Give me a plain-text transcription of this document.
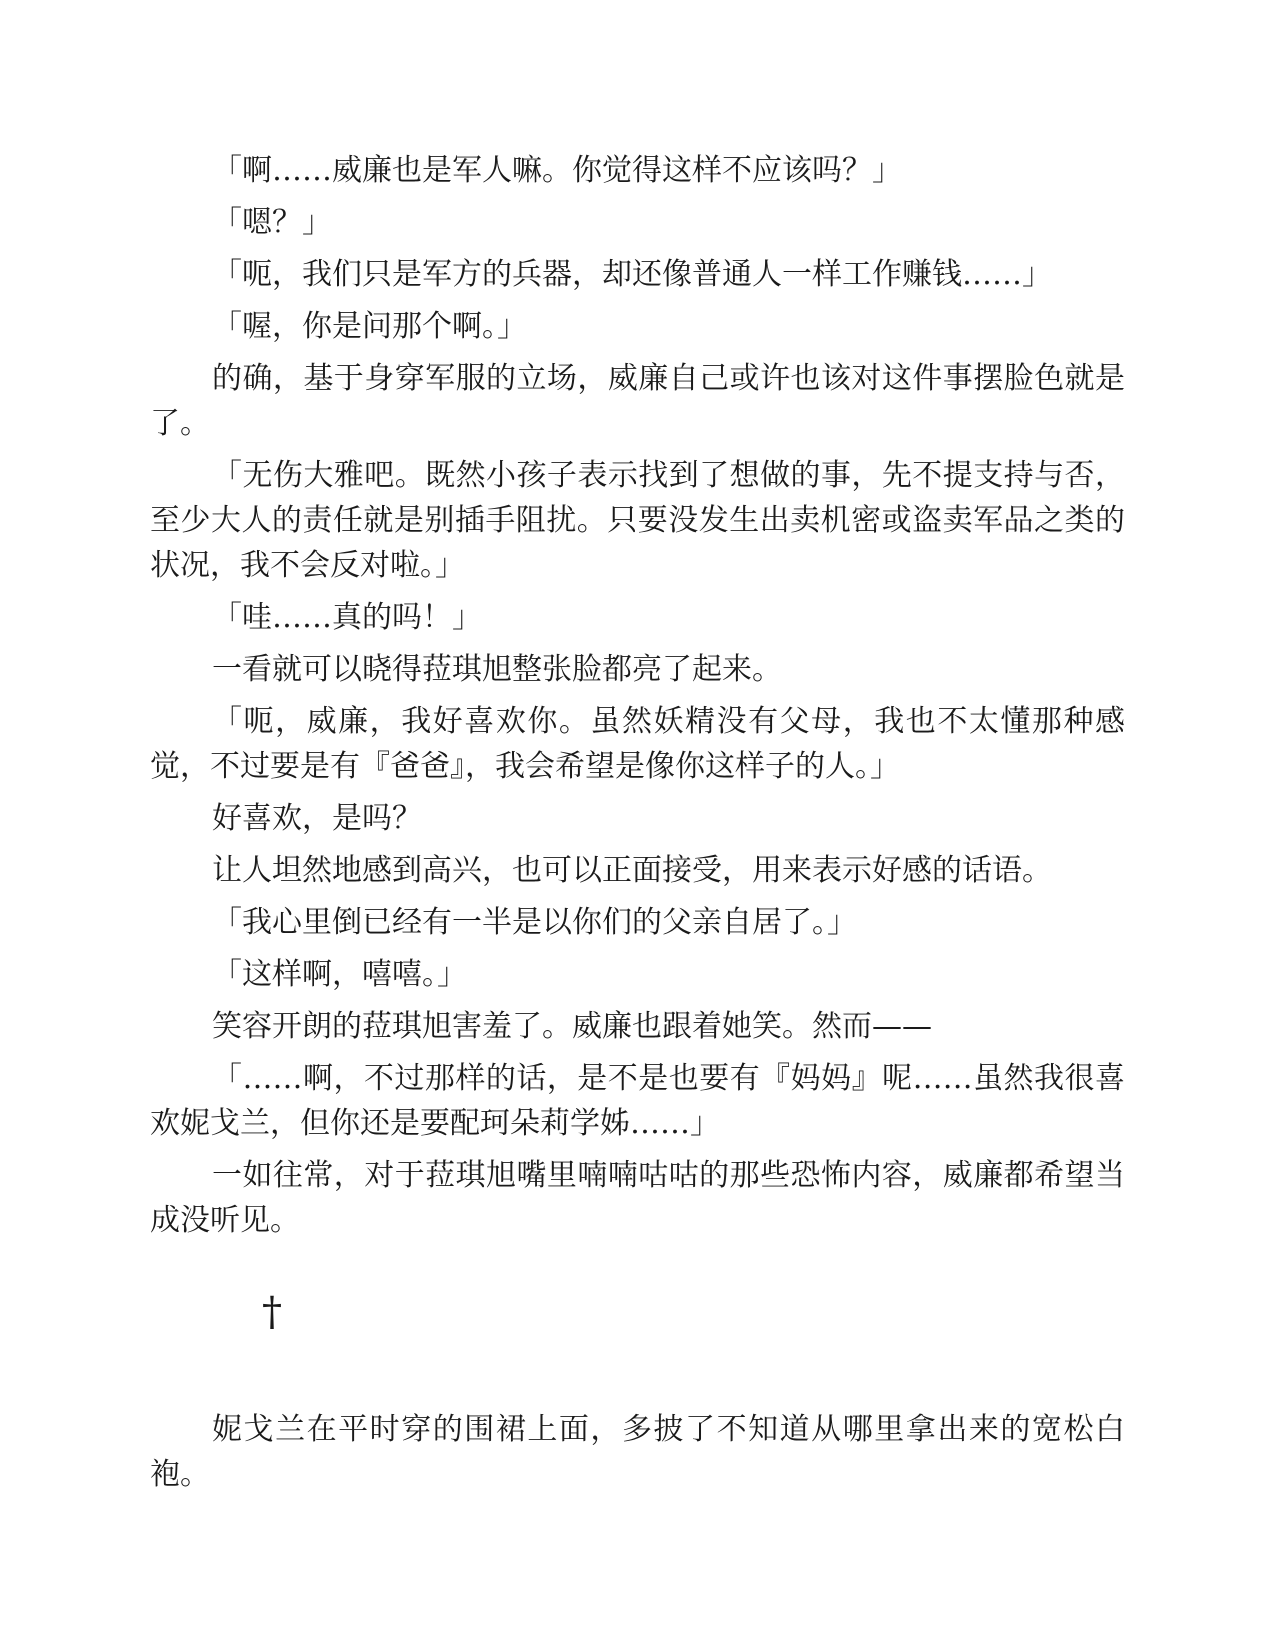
「啊……威廉也是军人嘛。你觉得这样不应该吗？」

「嗯？」

「呃，我们只是军方的兵器，却还像普通人一样工作赚钱……」

「喔，你是问那个啊。」

的确，基于身穿军服的立场，威廉自己或许也该对这件事摆脸色就是了。

「无伤大雅吧。既然小孩子表示找到了想做的事，先不提支持与否，至少大人的责任就是别插手阻扰。只要没发生出卖机密或盗卖军品之类的状况，我不会反对啦。」

「哇……真的吗！」

一看就可以晓得菈琪旭整张脸都亮了起来。

「呃，威廉，我好喜欢你。虽然妖精没有父母，我也不太懂那种感觉，不过要是有『爸爸』，我会希望是像你这样子的人。」

好喜欢，是吗？

让人坦然地感到高兴，也可以正面接受，用来表示好感的话语。

「我心里倒已经有一半是以你们的父亲自居了。」

「这样啊，嘻嘻。」

笑容开朗的菈琪旭害羞了。威廉也跟着她笑。然而——

「……啊，不过那样的话，是不是也要有『妈妈』呢……虽然我很喜欢妮戈兰，但你还是要配珂朵莉学姊……」

一如往常，对于菈琪旭嘴里喃喃咕咕的那些恐怖内容，威廉都希望当成没听见。

†

妮戈兰在平时穿的围裙上面，多披了不知道从哪里拿出来的宽松白袍。
